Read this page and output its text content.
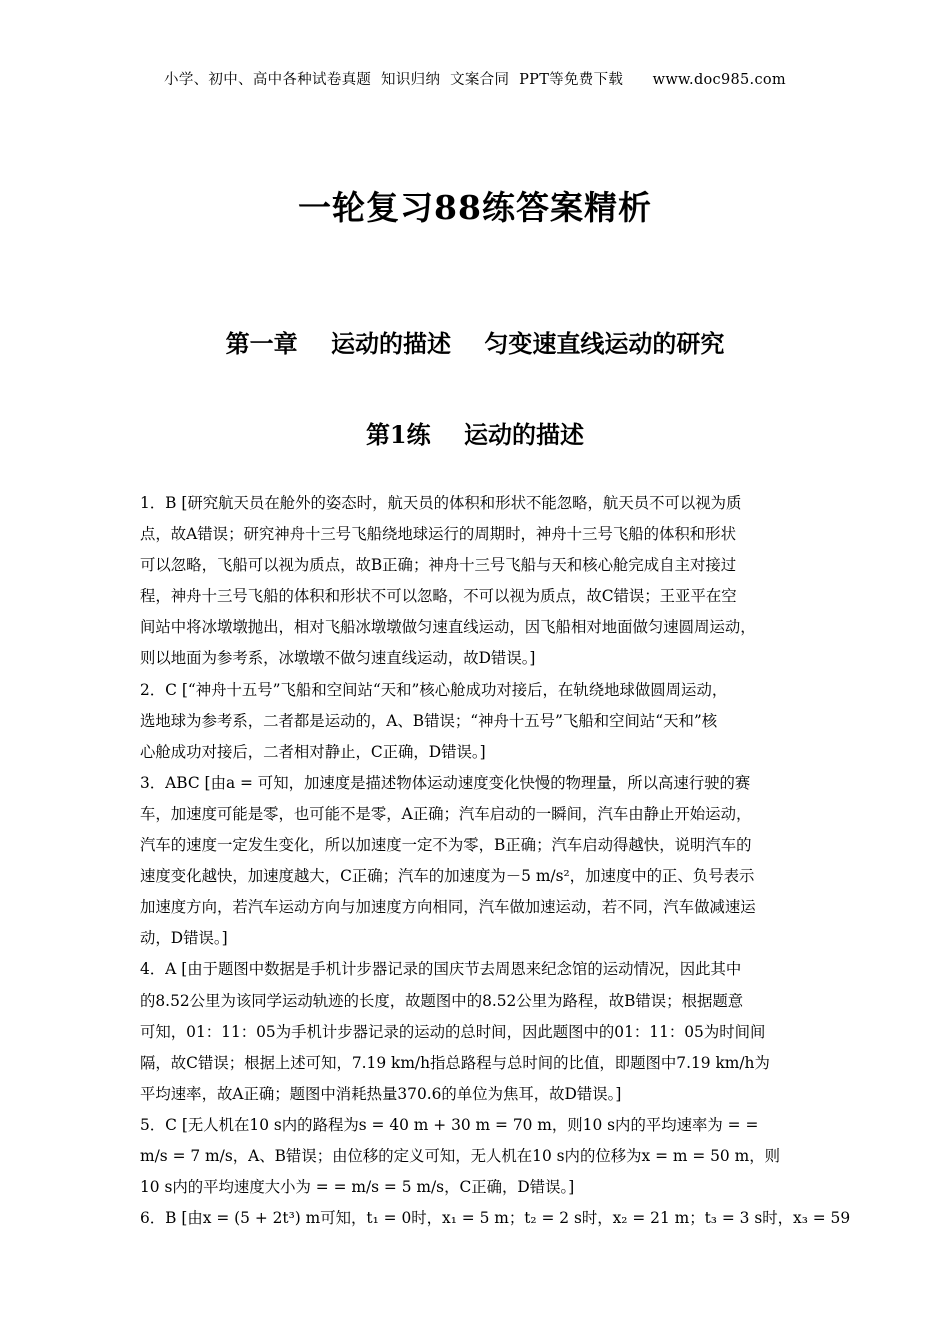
小学、初中、高中各种试卷真题  知识归纳  文案合同  PPT等免费下载      www.doc985.com
一轮复习88练答案精析
第一章    运动的描述    匀变速直线运动的研究
第1练    运动的描述
1．B [研究航天员在舱外的姿态时，航天员的体积和形状不能忽略，航天员不可以视为质
点，故A错误；研究神舟十三号飞船绕地球运行的周期时，神舟十三号飞船的体积和形状
可以忽略，飞船可以视为质点，故B正确；神舟十三号飞船与天和核心舱完成自主对接过
程，神舟十三号飞船的体积和形状不可以忽略，不可以视为质点，故C错误；王亚平在空
间站中将冰墩墩抛出，相对飞船冰墩墩做匀速直线运动，因飞船相对地面做匀速圆周运动，
则以地面为参考系，冰墩墩不做匀速直线运动，故D错误。]
2．C [“神舟十五号”飞船和空间站“天和”核心舱成功对接后，在轨绕地球做圆周运动，
选地球为参考系，二者都是运动的，A、B错误；“神舟十五号”飞船和空间站“天和”核
心舱成功对接后，二者相对静止，C正确，D错误。]
3．ABC [由a = 可知，加速度是描述物体运动速度变化快慢的物理量，所以高速行驶的赛
车，加速度可能是零，也可能不是零，A正确；汽车启动的一瞬间，汽车由静止开始运动，
汽车的速度一定发生变化，所以加速度一定不为零，B正确；汽车启动得越快，说明汽车的
速度变化越快，加速度越大，C正确；汽车的加速度为－5 m/s²，加速度中的正、负号表示
加速度方向，若汽车运动方向与加速度方向相同，汽车做加速运动，若不同，汽车做减速运
动，D错误。]
4．A [由于题图中数据是手机计步器记录的国庆节去周恩来纪念馆的运动情况，因此其中
的8.52公里为该同学运动轨迹的长度，故题图中的8.52公里为路程，故B错误；根据题意
可知，01：11：05为手机计步器记录的运动的总时间，因此题图中的01：11：05为时间间
隔，故C错误；根据上述可知，7.19 km/h指总路程与总时间的比值，即题图中7.19 km/h为
平均速率，故A正确；题图中消耗热量370.6的单位为焦耳，故D错误。]
5．C [无人机在10 s内的路程为s = 40 m + 30 m = 70 m，则10 s内的平均速率为 = =
m/s = 7 m/s，A、B错误；由位移的定义可知，无人机在10 s内的位移为x = m = 50 m，则
10 s内的平均速度大小为 = = m/s = 5 m/s，C正确，D错误。]
6．B [由x = (5 + 2t³) m可知，t₁ = 0时，x₁ = 5 m；t₂ = 2 s时，x₂ = 21 m；t₃ = 3 s时，x₃ = 59
